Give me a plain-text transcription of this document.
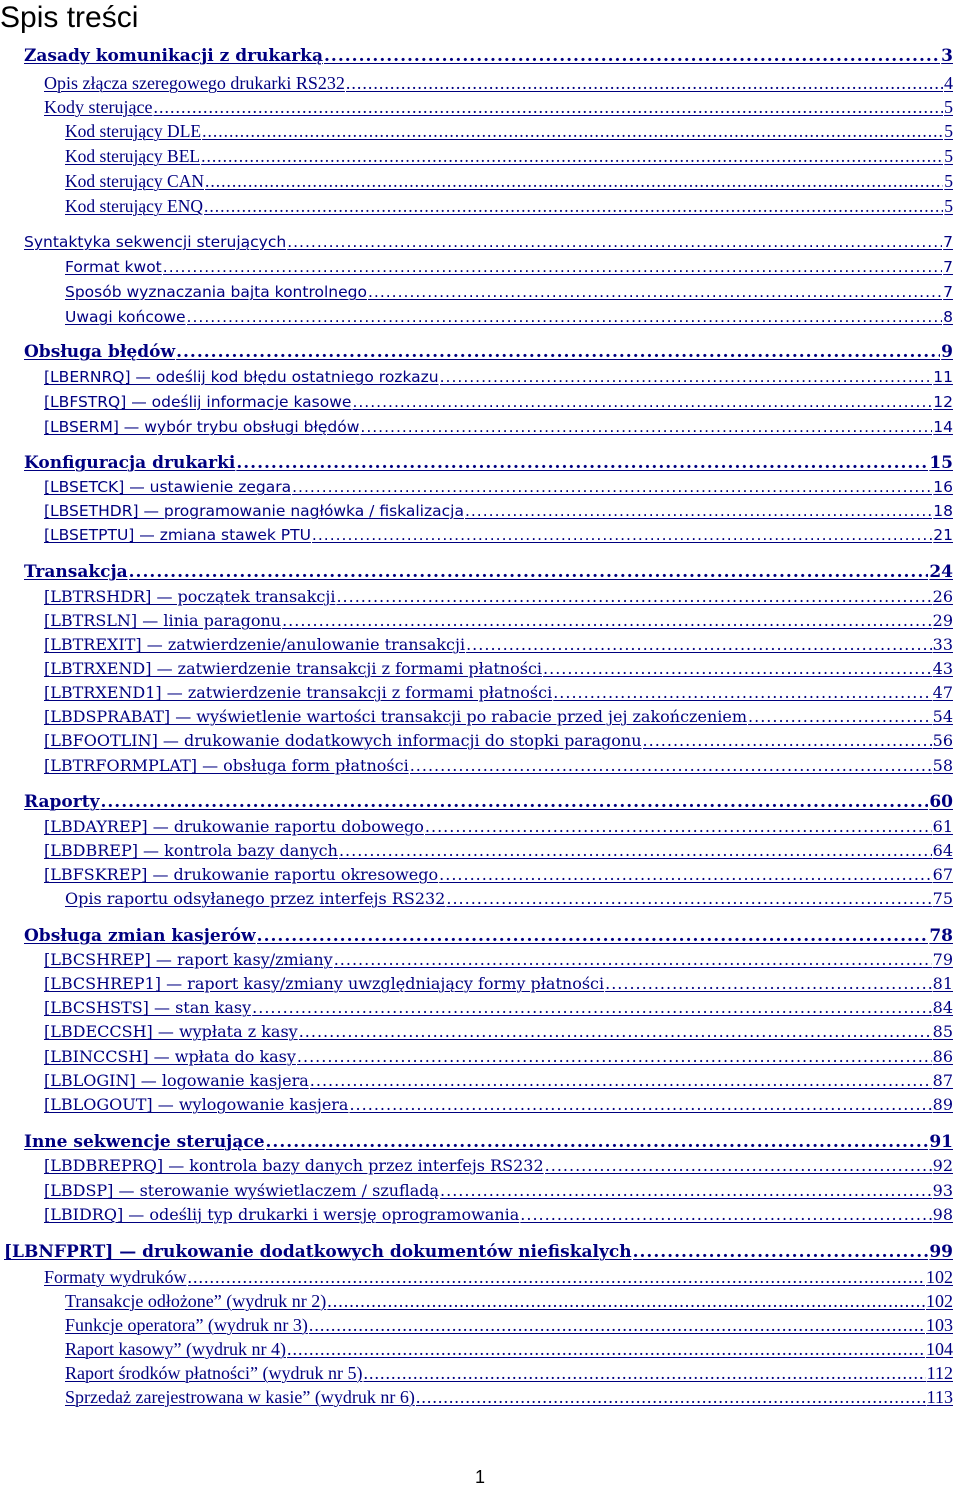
Spis treści
Zasady komunikacji z drukarką .....	3
Opis złącza szeregowego drukarki RS232 .....	4
Kody sterujące .....	5
Kod sterujący DLE .....	5
Kod sterujący BEL .....	5
Kod sterujący CAN .....	5
Kod sterujący ENQ .....	5
Syntaktyka sekwencji sterujących .....	7
Format kwot .....	7
Sposób wyznaczania bajta kontrolnego .....	7
Uwagi końcowe .....	8
Obsługa błędów .....	9
[LBERNRQ] — odeślij kod błędu ostatniego rozkazu .....	11
[LBFSTRQ] — odeślij informacje kasowe .....	12
[LBSERM] — wybór trybu obsługi błędów .....	14
Konfiguracja drukarki .....	15
[LBSETCK] — ustawienie zegara .....	16
[LBSETHDR] — programowanie nagłówka / fiskalizacja .....	18
[LBSETPTU] — zmiana stawek PTU .....	21
Transakcja .....	24
[LBTRSHDR] — początek transakcji .....	26
[LBTRSLN] — linia paragonu .....	29
[LBTREXIT] — zatwierdzenie/anulowanie transakcji .....	33
[LBTRXEND] — zatwierdzenie transakcji z formami płatności .....	43
[LBTRXEND1] — zatwierdzenie transakcji z formami płatności .....	47
[LBDSPRABAT] — wyświetlenie wartości transakcji po rabacie przed jej zakończeniem .....	54
[LBFOOTLIN] — drukowanie dodatkowych informacji do stopki paragonu .....	56
[LBTRFORMPLAT] — obsługa form płatności .....	58
Raporty .....	60
[LBDAYREP] — drukowanie raportu dobowego .....	61
[LBDBREP] — kontrola bazy danych .....	64
[LBFSKREP] — drukowanie raportu okresowego .....	67
Opis raportu odsyłanego przez interfejs RS232 .....	75
Obsługa zmian kasjerów .....	78
[LBCSHREP] — raport kasy/zmiany .....	79
[LBCSHREP1] — raport kasy/zmiany uwzględniający formy płatności .....	81
[LBCSHSTS] — stan kasy .....	84
[LBDECCSH] — wypłata z kasy .....	85
[LBINCCSH] — wpłata do kasy .....	86
[LBLOGIN] — logowanie kasjera .....	87
[LBLOGOUT] — wylogowanie kasjera .....	89
Inne sekwencje sterujące .....	91
[LBDBREPRQ] — kontrola bazy danych przez interfejs RS232 .....	92
[LBDSP] — sterowanie wyświetlaczem / szufladą .....	93
[LBIDRQ] — odeślij typ drukarki i wersję oprogramowania .....	98
[LBNFPRT] — drukowanie dodatkowych dokumentów niefiskalych .....	99
Formaty wydruków .....	102
Transakcje odłożone” (wydruk nr 2) .....	102
Funkcje operatora” (wydruk nr 3) .....	103
Raport kasowy” (wydruk nr 4) .....	104
Raport środków płatności” (wydruk nr 5) .....	112
Sprzedaż zarejestrowana w kasie” (wydruk nr 6) .....	113
1
